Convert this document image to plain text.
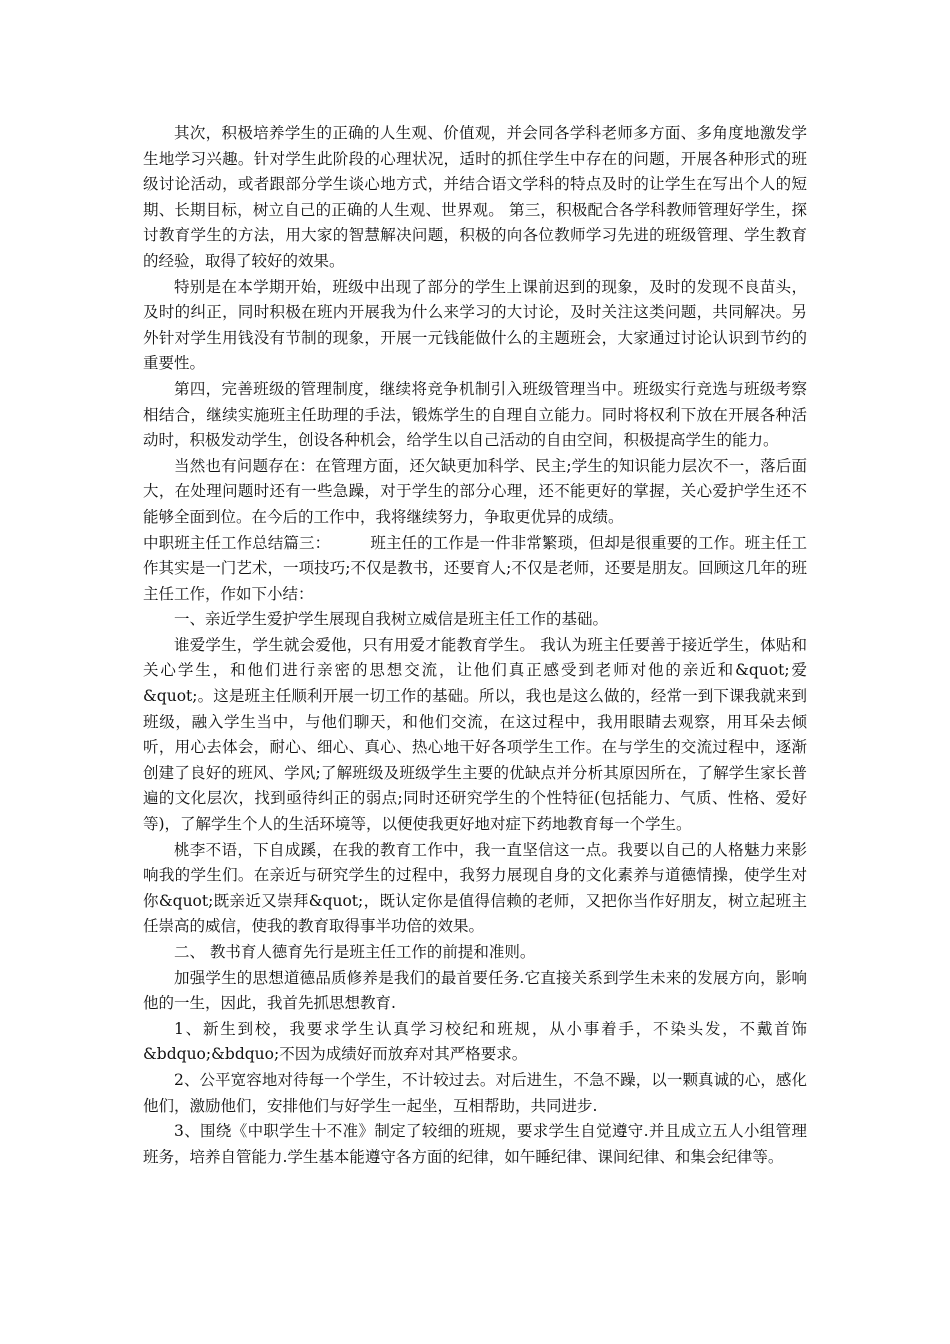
其次，积极培养学生的正确的人生观、价值观，并会同各学科老师多方面、多角度地激发学生地学习兴趣。针对学生此阶段的心理状况，适时的抓住学生中存在的问题，开展各种形式的班级讨论活动，或者跟部分学生谈心地方式，并结合语文学科的特点及时的让学生在写出个人的短期、长期目标，树立自己的正确的人生观、世界观。 第三，积极配合各学科教师管理好学生，探讨教育学生的方法，用大家的智慧解决问题，积极的向各位教师学习先进的班级管理、学生教育的经验，取得了较好的效果。

特别是在本学期开始，班级中出现了部分的学生上课前迟到的现象，及时的发现不良苗头，及时的纠正，同时积极在班内开展我为什么来学习的大讨论，及时关注这类问题，共同解决。另外针对学生用钱没有节制的现象，开展一元钱能做什么的主题班会，大家通过讨论认识到节约的重要性。

第四，完善班级的管理制度，继续将竞争机制引入班级管理当中。班级实行竞选与班级考察相结合，继续实施班主任助理的手法，锻炼学生的自理自立能力。同时将权利下放在开展各种活动时，积极发动学生，创设各种机会，给学生以自己活动的自由空间，积极提高学生的能力。

当然也有问题存在：在管理方面，还欠缺更加科学、民主;学生的知识能力层次不一，落后面大，在处理问题时还有一些急躁，对于学生的部分心理，还不能更好的掌握，关心爱护学生还不能够全面到位。在今后的工作中，我将继续努力，争取更优异的成绩。

中职班主任工作总结篇三：        班主任的工作是一件非常繁琐，但却是很重要的工作。班主任工作其实是一门艺术，一项技巧;不仅是教书，还要育人;不仅是老师，还要是朋友。回顾这几年的班主任工作，作如下小结：

一、亲近学生爱护学生展现自我树立威信是班主任工作的基础。

谁爱学生，学生就会爱他，只有用爱才能教育学生。 我认为班主任要善于接近学生，体贴和关心学生，和他们进行亲密的思想交流，让他们真正感受到老师对他的亲近和&quot;爱&quot;。这是班主任顺利开展一切工作的基础。所以，我也是这么做的，经常一到下课我就来到班级，融入学生当中，与他们聊天，和他们交流，在这过程中，我用眼睛去观察，用耳朵去倾听，用心去体会，耐心、细心、真心、热心地干好各项学生工作。在与学生的交流过程中，逐渐创建了良好的班风、学风;了解班级及班级学生主要的优缺点并分析其原因所在，了解学生家长普遍的文化层次，找到亟待纠正的弱点;同时还研究学生的个性特征(包括能力、气质、性格、爱好等)，了解学生个人的生活环境等，以便使我更好地对症下药地教育每一个学生。

桃李不语，下自成蹊，在我的教育工作中，我一直坚信这一点。我要以自己的人格魅力来影响我的学生们。在亲近与研究学生的过程中，我努力展现自身的文化素养与道德情操，使学生对你&quot;既亲近又崇拜&quot;，既认定你是值得信赖的老师，又把你当作好朋友，树立起班主任崇高的威信，使我的教育取得事半功倍的效果。

二、 教书育人德育先行是班主任工作的前提和准则。

加强学生的思想道德品质修养是我们的最首要任务.它直接关系到学生未来的发展方向，影响他的一生，因此，我首先抓思想教育.

1、新生到校，我要求学生认真学习校纪和班规，从小事着手，不染头发，不戴首饰&bdquo;&bdquo;不因为成绩好而放弃对其严格要求。

2、公平宽容地对待每一个学生，不计较过去。对后进生，不急不躁，以一颗真诚的心，感化他们，激励他们，安排他们与好学生一起坐，互相帮助，共同进步.

3、围绕《中职学生十不准》制定了较细的班规，要求学生自觉遵守.并且成立五人小组管理班务，培养自管能力.学生基本能遵守各方面的纪律，如午睡纪律、课间纪律、和集会纪律等。
